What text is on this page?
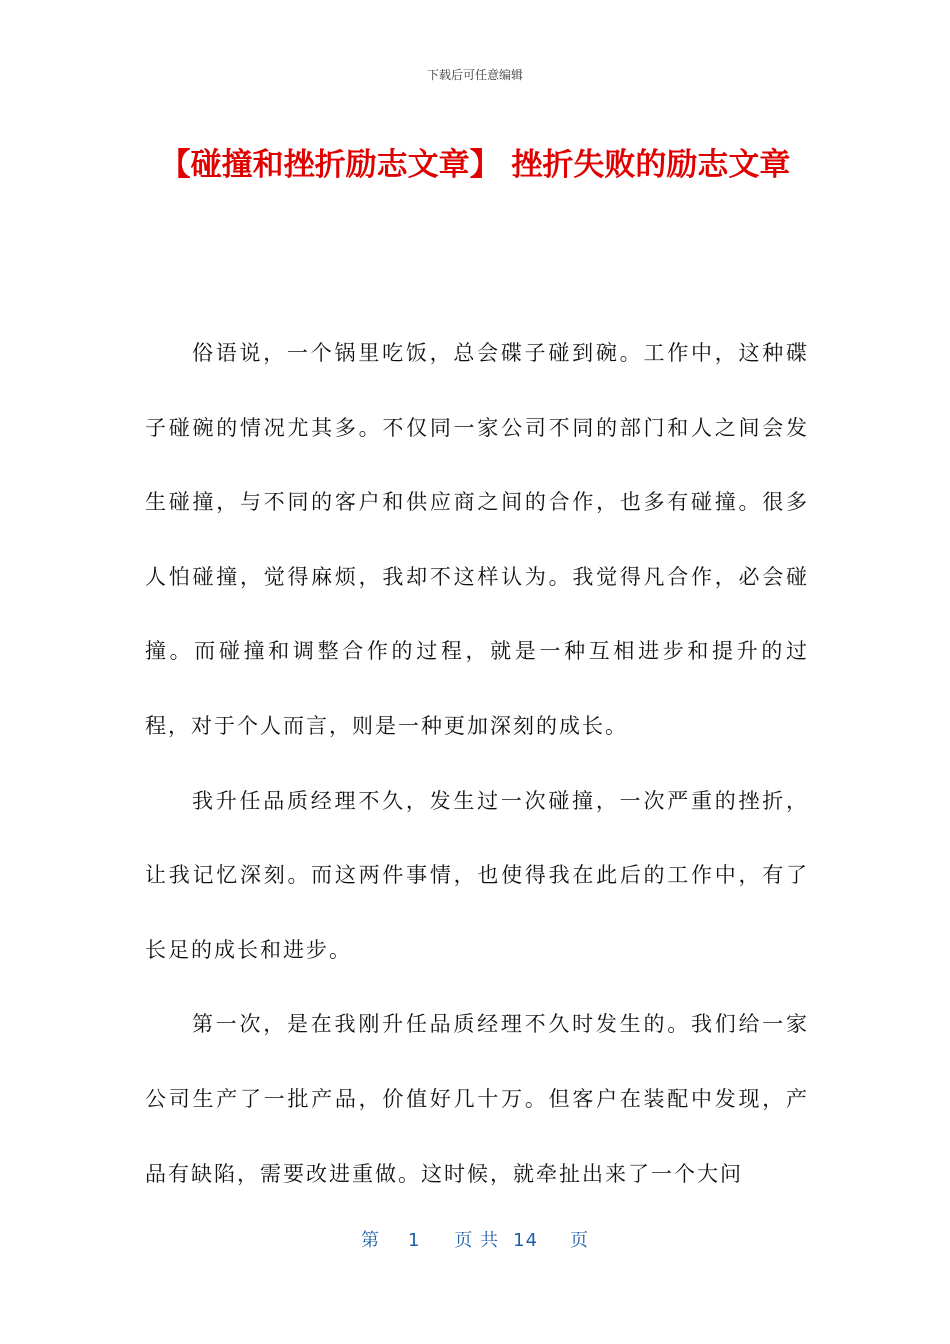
下载后可任意编辑
【碰撞和挫折励志文章】 挫折失败的励志文章

俗语说，一个锅里吃饭，总会碟子碰到碗。工作中，这种碟子碰碗的情况尤其多。不仅同一家公司不同的部门和人之间会发生碰撞，与不同的客户和供应商之间的合作，也多有碰撞。很多人怕碰撞，觉得麻烦，我却不这样认为。我觉得凡合作，必会碰撞。而碰撞和调整合作的过程，就是一种互相进步和提升的过程，对于个人而言，则是一种更加深刻的成长。

我升任品质经理不久，发生过一次碰撞，一次严重的挫折，让我记忆深刻。而这两件事情，也使得我在此后的工作中，有了长足的成长和进步。

第一次，是在我刚升任品质经理不久时发生的。我们给一家公司生产了一批产品，价值好几十万。但客户在装配中发现，产品有缺陷，需要改进重做。这时候，就牵扯出来了一个大问

第 1 页 共 14 页
